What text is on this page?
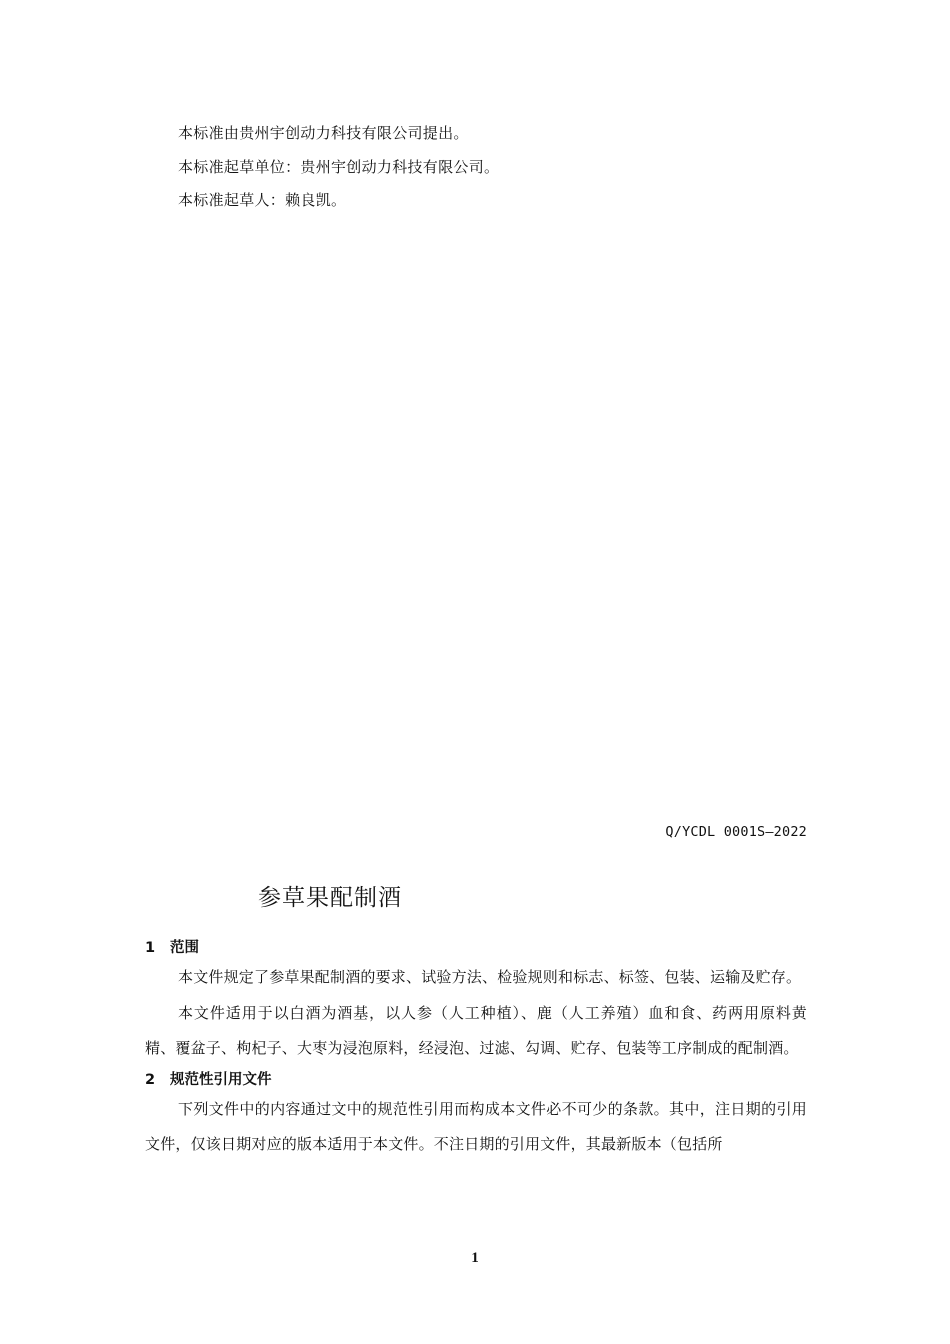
本标准由贵州宇创动力科技有限公司提出。

本标准起草单位：贵州宇创动力科技有限公司。

本标准起草人：赖良凯。

Q/YCDL 0001S—2022
参草果配制酒
1 范围

本文件规定了参草果配制酒的要求、试验方法、检验规则和标志、标签、包装、运输及贮存。

本文件适用于以白酒为酒基，以人参（人工种植）、鹿（人工养殖）血和食、药两用原料黄精、覆盆子、枸杞子、大枣为浸泡原料，经浸泡、过滤、勾调、贮存、包装等工序制成的配制酒。

2 规范性引用文件

下列文件中的内容通过文中的规范性引用而构成本文件必不可少的条款。其中，注日期的引用文件，仅该日期对应的版本适用于本文件。不注日期的引用文件，其最新版本（包括所

1
